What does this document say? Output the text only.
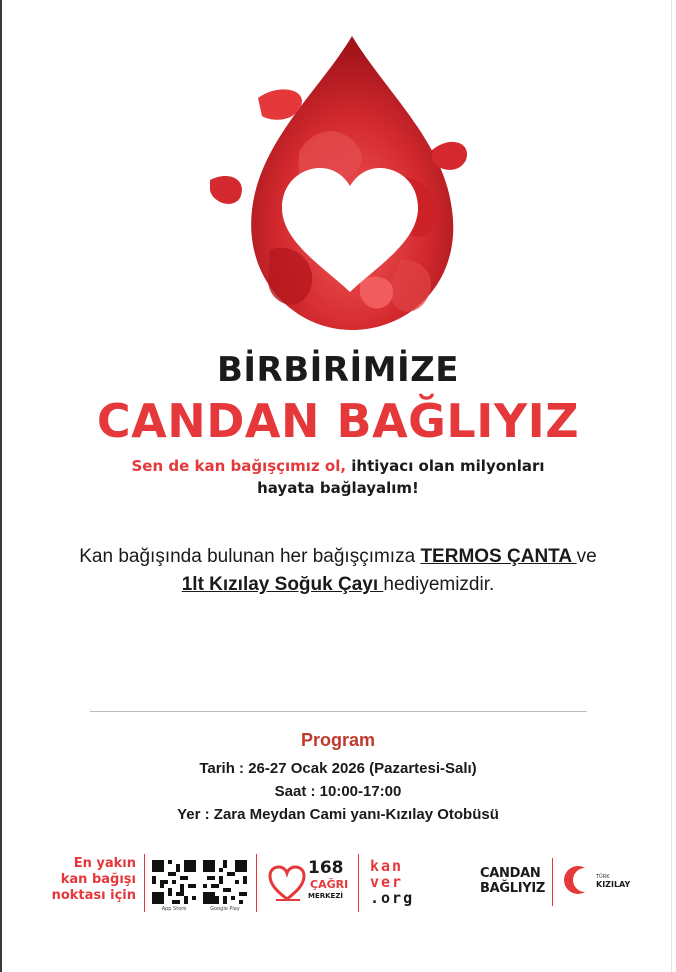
BİRBİRİMİZE
CANDAN BAĞLIYIZ
Sen de kan bağışçımız ol, ihtiyacı olan milyonları
hayata bağlayalım!
Kan bağışında bulunan her bağışçımıza TERMOS ÇANTA ve
1lt Kızılay Soğuk Çayı hediyemizdir.
Program
Tarih : 26-27 Ocak 2026 (Pazartesi-Salı)
Saat : 10:00-17:00
Yer : Zara Meydan Cami yanı-Kızılay Otobüsü
En yakın
kan bağışı
noktası için
App Store	Google Play
168
ÇAĞRI
MERKEZİ
kan
ver
.org
CANDAN
BAĞLIYIZ
TÜRK
KIZILAY
